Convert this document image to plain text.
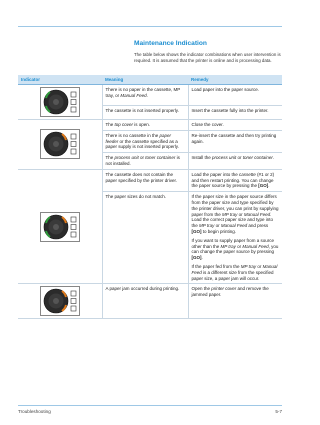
Maintenance Indication
The table below shows the indicator combinations when user intervention is required. It is assumed that the printer is online and is processing data.
Indicator	Meaning	Remedy

	There is no paper in the cassette, MP tray, or Manual Feed.	Load paper into the paper source.
	The cassette is not inserted properly.	Insert the cassette fully into the printer.

	The top cover is open.	Close the cover.
	There is no cassette in the paper feeder or the cassette specified as a paper supply is not inserted properly.	Re-insert the cassette and then try printing again.
	The process unit or toner container is not installed.	Install the process unit or toner container.

	The cassette does not contain the paper specified by the printer driver.	Load the paper into the cassette (#1 or 2) and then restart printing. You can change the paper source by pressing the [GO].
	The paper sizes do not match.	If the paper size in the paper source differs from the paper size and type specified by the printer driver, you can print by supplying paper from the MP tray or Manual Feed. Load the correct paper size and type into the MP tray or Manual Feed and press [GO] to begin printing.
If you want to supply paper from a source other than the MP tray or Manual Feed, you can change the paper source by pressing [GO].
If the paper fed from the MP tray or Manual Feed is a different size from the specified paper size, a paper jam will occur.

	A paper jam occurred during printing.	Open the printer cover and remove the jammed paper.
Troubleshooting	5-7
